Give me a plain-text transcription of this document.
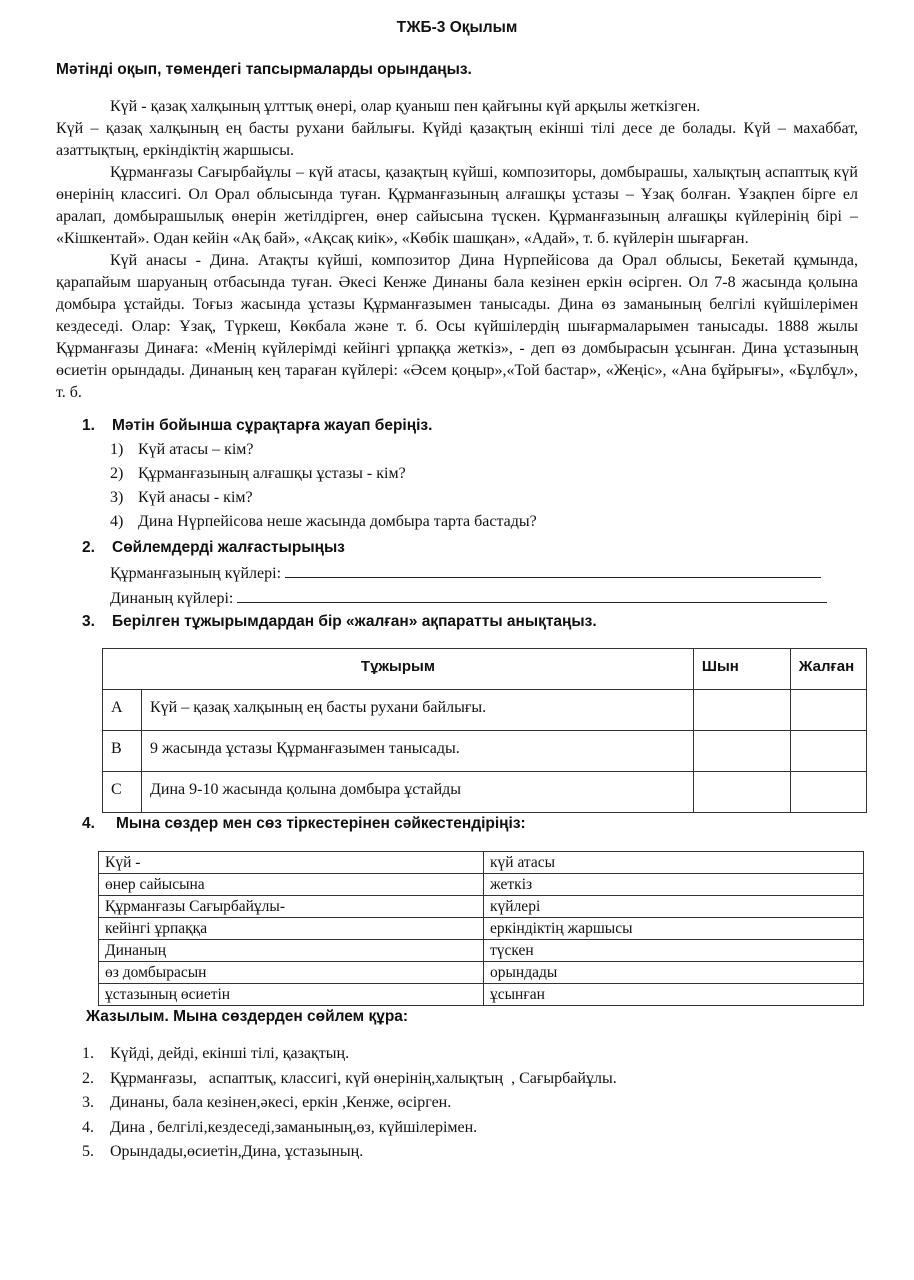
ТЖБ-3 Оқылым
Мәтінді оқып, төмендегі тапсырмаларды орындаңыз.

Күй - қазақ халқының ұлттық өнері, олар қуаныш пен қайғыны күй арқылы жеткізген.

Күй – қазақ халқының ең басты рухани байлығы. Күйді қазақтың екінші тілі десе де болады. Күй – махаббат, азаттықтың, еркіндіктің жаршысы.

Құрманғазы Сағырбайұлы – күй атасы, қазақтың күйші, композиторы, домбырашы, халықтың аспаптық күй өнерінің классигі. Ол Орал облысында туған. Құрманғазының алғашқы ұстазы – Ұзақ болған. Ұзақпен бірге ел аралап, домбырашылық өнерін жетілдірген, өнер сайысына түскен. Құрманғазының алғашқы күйлерінің бірі – «Кішкентай». Одан кейін «Ақ бай», «Ақсақ киік», «Көбік шашқан», «Адай», т. б. күйлерін шығарған.

Күй анасы - Дина. Атақты күйші, композитор Дина Нүрпейісова да Орал облысы, Бекетай құмында, қарапайым шаруаның отбасында туған. Әкесі Кенже Динаны бала кезінен еркін өсірген. Ол 7-8 жасында қолына домбыра ұстайды. Тоғыз жасында ұстазы Құрманғазымен танысады. Дина өз заманының белгілі күйшілерімен кездеседі. Олар: Ұзақ, Түркеш, Көкбала және т. б. Осы күйшілердің шығармаларымен танысады. 1888 жылы Құрманғазы Динаға: «Менің күйлерімді кейінгі ұрпаққа жеткіз», - деп өз домбырасын ұсынған. Дина ұстазының өсиетін орындады. Динаның кең тараған күйлері: «Әсем қоңыр»,«Той бастар», «Жеңіс», «Ана бұйрығы», «Бұлбұл», т. б.

1. Мәтін бойынша сұрақтарға жауап беріңіз.
1) Күй атасы – кім?
2) Құрманғазының алғашқы ұстазы - кім?
3) Күй анасы - кім?
4) Дина Нүрпейісова неше жасында домбыра тарта бастады?
2. Сөйлемдерді жалғастырыңыз
Құрманғазының күйлері:
Динаның күйлері:
3. Берілген тұжырымдардан бір «жалған» ақпаратты анықтаңыз.
Тұжырым		Шын	Жалған
A	Күй – қазақ халқының ең басты рухани байлығы.		
B	9 жасында ұстазы Құрманғазымен танысады.		
C	Дина 9-10 жасында қолына домбыра ұстайды		
4. Мына сөздер мен сөз тіркестерінен сәйкестендіріңіз:
Күй -	күй атасы
өнер сайысына	жеткіз
Құрманғазы Сағырбайұлы-	күйлері
кейінгі ұрпаққа	еркіндіктің жаршысы
Динаның	түскен
өз домбырасын	орындады
ұстазының өсиетін	ұсынған
Жазылым. Мына сөздерден сөйлем құра:
1. Күйді, дейді, екінші тілі, қазақтың.
2. Құрманғазы,   аспаптық, классигі, күй өнерінің,халықтың  , Сағырбайұлы.
3. Динаны, бала кезінен,әкесі, еркін ,Кенже, өсірген.
4. Дина , белгілі,кездеседі,заманының,өз, күйшілерімен.
5. Орындады,өсиетін,Дина, ұстазының.
